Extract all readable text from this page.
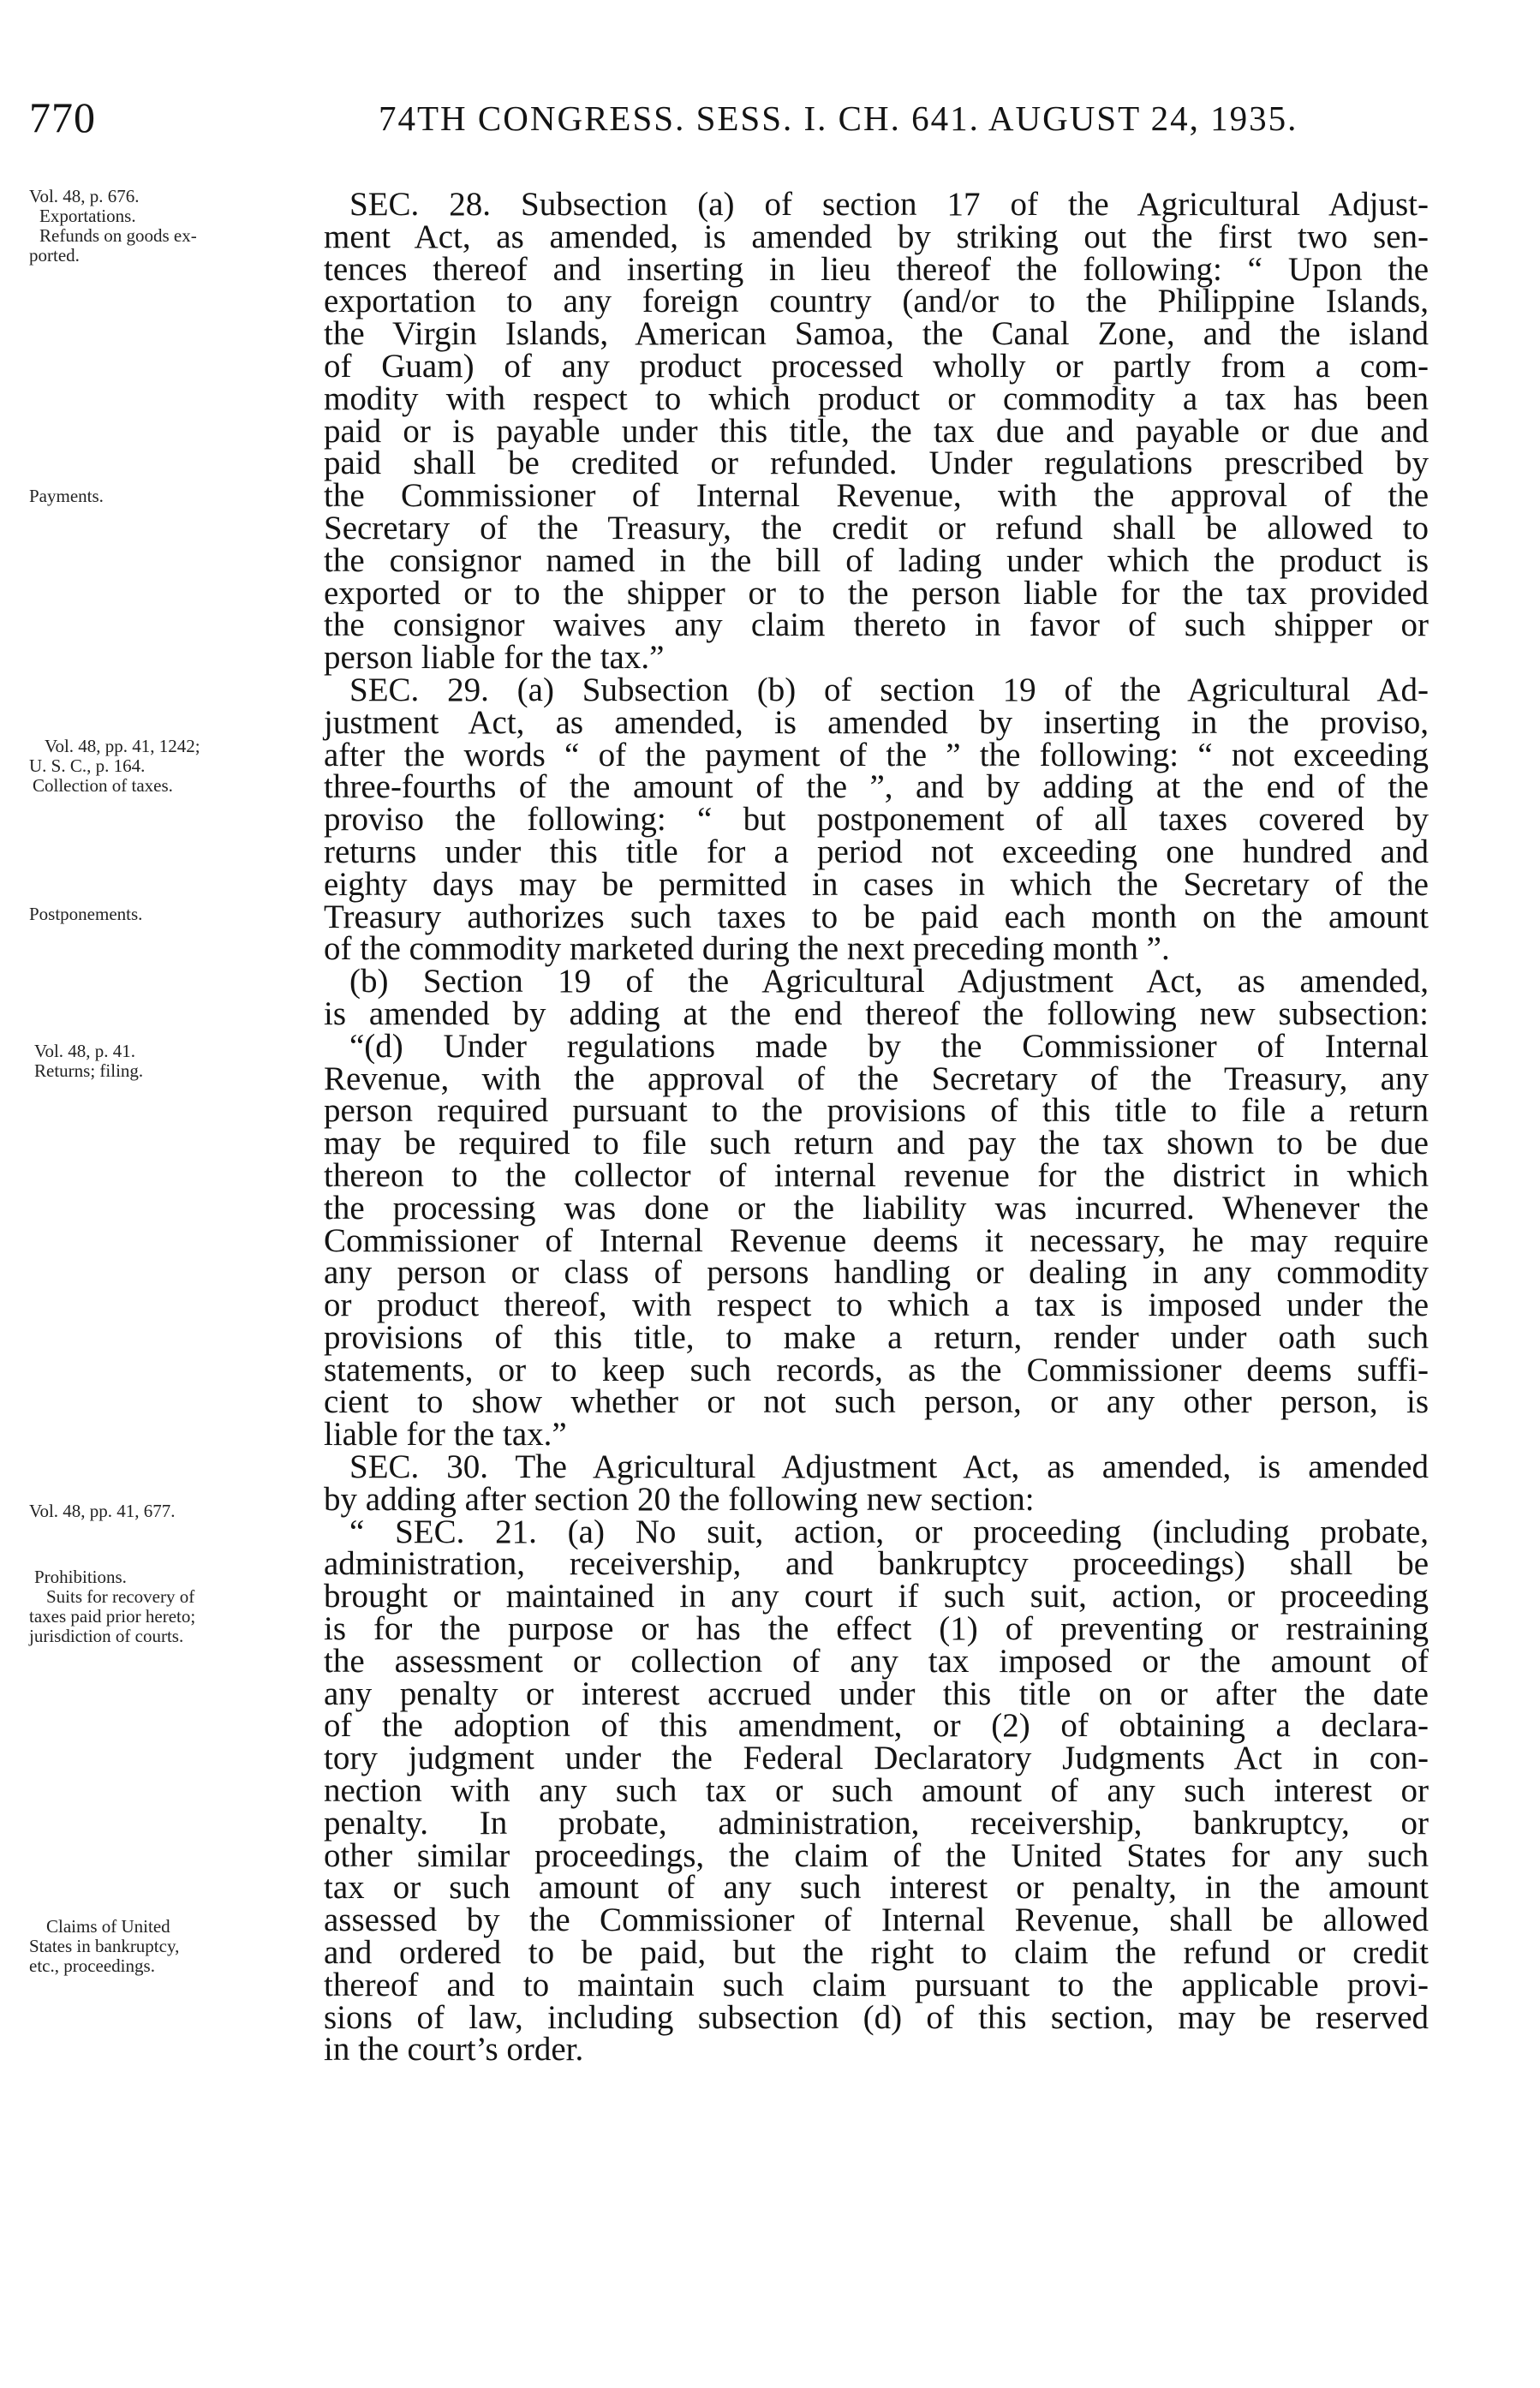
770	74TH CONGRESS. SESS. I. CH. 641. AUGUST 24, 1935.
Vol. 48, p. 676.
Exportations.
Refunds on goods ex-
ported.
Payments.
Vol. 48, pp. 41, 1242;
U. S. C., p. 164.
Collection of taxes.
Postponements.
Vol. 48, p. 41.
Returns; filing.
Vol. 48, pp. 41, 677.
Prohibitions.
Suits for recovery of
taxes paid prior hereto;
jurisdiction of courts.
Claims of United
States in bankruptcy,
etc., proceedings.
SEC. 28. Subsection (a) of section 17 of the Agricultural Adjust-
ment Act, as amended, is amended by striking out the first two sen-
tences thereof and inserting in lieu thereof the following: “ Upon the
exportation to any foreign country (and/or to the Philippine Islands,
the Virgin Islands, American Samoa, the Canal Zone, and the island
of Guam) of any product processed wholly or partly from a com-
modity with respect to which product or commodity a tax has been
paid or is payable under this title, the tax due and payable or due and
paid shall be credited or refunded. Under regulations prescribed by
the Commissioner of Internal Revenue, with the approval of the
Secretary of the Treasury, the credit or refund shall be allowed to
the consignor named in the bill of lading under which the product is
exported or to the shipper or to the person liable for the tax provided
the consignor waives any claim thereto in favor of such shipper or
person liable for the tax.”
SEC. 29. (a) Subsection (b) of section 19 of the Agricultural Ad-
justment Act, as amended, is amended by inserting in the proviso,
after the words “ of the payment of the ” the following: “ not exceeding
three-fourths of the amount of the ”, and by adding at the end of the
proviso the following: “ but postponement of all taxes covered by
returns under this title for a period not exceeding one hundred and
eighty days may be permitted in cases in which the Secretary of the
Treasury authorizes such taxes to be paid each month on the amount
of the commodity marketed during the next preceding month ”.
(b) Section 19 of the Agricultural Adjustment Act, as amended,
is amended by adding at the end thereof the following new subsection:
“(d) Under regulations made by the Commissioner of Internal
Revenue, with the approval of the Secretary of the Treasury, any
person required pursuant to the provisions of this title to file a return
may be required to file such return and pay the tax shown to be due
thereon to the collector of internal revenue for the district in which
the processing was done or the liability was incurred. Whenever the
Commissioner of Internal Revenue deems it necessary, he may require
any person or class of persons handling or dealing in any commodity
or product thereof, with respect to which a tax is imposed under the
provisions of this title, to make a return, render under oath such
statements, or to keep such records, as the Commissioner deems suffi-
cient to show whether or not such person, or any other person, is
liable for the tax.”
SEC. 30. The Agricultural Adjustment Act, as amended, is amended
by adding after section 20 the following new section:
“ SEC. 21. (a) No suit, action, or proceeding (including probate,
administration, receivership, and bankruptcy proceedings) shall be
brought or maintained in any court if such suit, action, or proceeding
is for the purpose or has the effect (1) of preventing or restraining
the assessment or collection of any tax imposed or the amount of
any penalty or interest accrued under this title on or after the date
of the adoption of this amendment, or (2) of obtaining a declara-
tory judgment under the Federal Declaratory Judgments Act in con-
nection with any such tax or such amount of any such interest or
penalty. In probate, administration, receivership, bankruptcy, or
other similar proceedings, the claim of the United States for any such
tax or such amount of any such interest or penalty, in the amount
assessed by the Commissioner of Internal Revenue, shall be allowed
and ordered to be paid, but the right to claim the refund or credit
thereof and to maintain such claim pursuant to the applicable provi-
sions of law, including subsection (d) of this section, may be reserved
in the court’s order.
